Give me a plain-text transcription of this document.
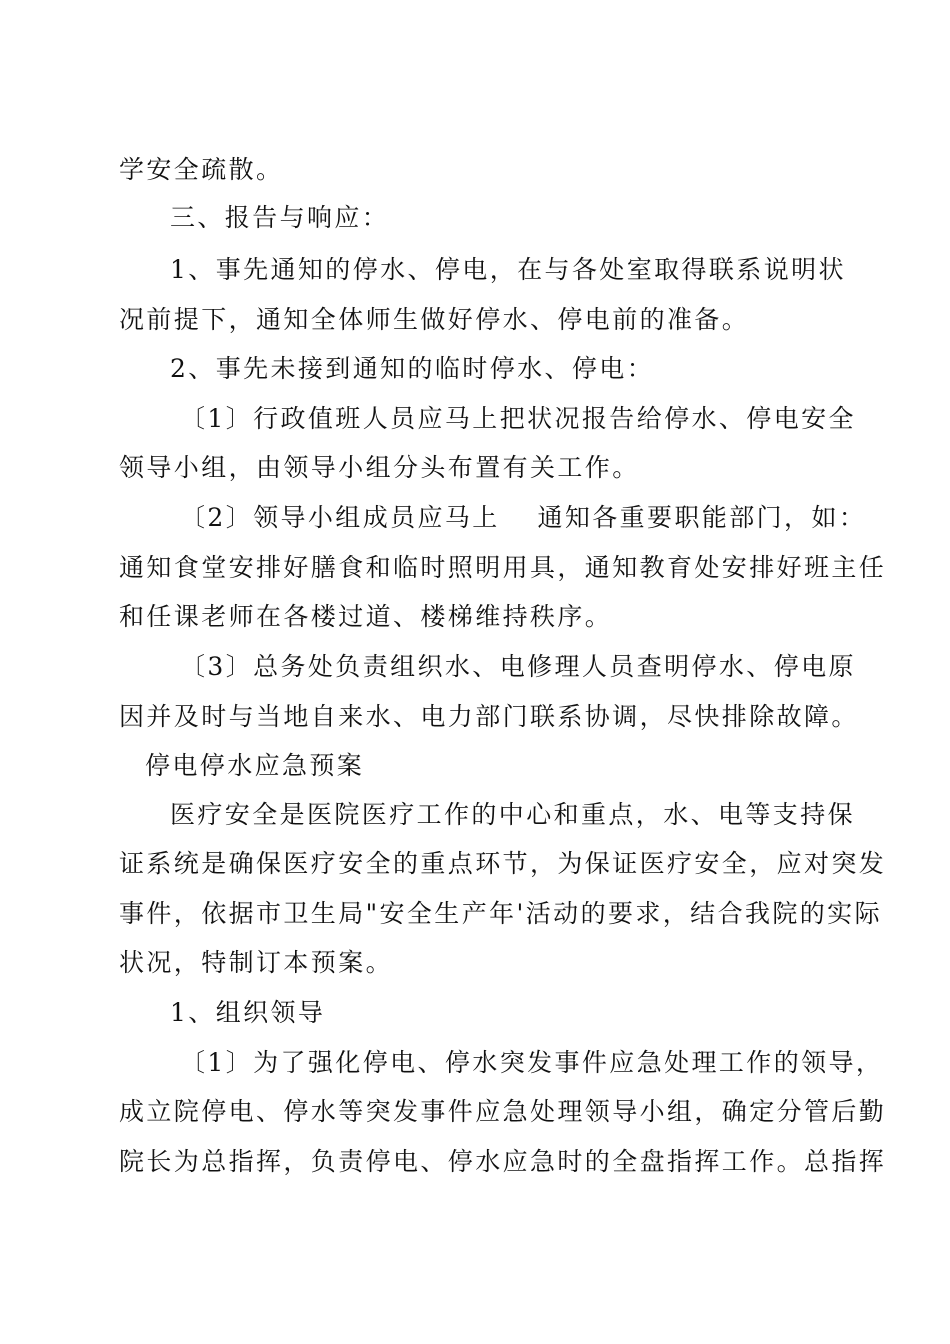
学安全疏散。
三、报告与响应：
1、事先通知的停水、停电，在与各处室取得联系说明状
况前提下，通知全体师生做好停水、停电前的准备。
2、事先未接到通知的临时停水、停电：
〔1〕行政值班人员应马上把状况报告给停水、停电安全
领导小组，由领导小组分头布置有关工作。
〔2〕领导小组成员应马上　 通知各重要职能部门，如：
通知食堂安排好膳食和临时照明用具，通知教育处安排好班主任
和任课老师在各楼过道、楼梯维持秩序。
〔3〕总务处负责组织水、电修理人员查明停水、停电原
因并及时与当地自来水、电力部门联系协调，尽快排除故障。
停电停水应急预案
医疗安全是医院医疗工作的中心和重点，水、电等支持保
证系统是确保医疗安全的重点环节，为保证医疗安全，应对突发
事件，依据市卫生局"安全生产年'活动的要求，结合我院的实际
状况，特制订本预案。
1、组织领导
〔1〕为了强化停电、停水突发事件应急处理工作的领导，
成立院停电、停水等突发事件应急处理领导小组，确定分管后勤
院长为总指挥，负责停电、停水应急时的全盘指挥工作。总指挥
